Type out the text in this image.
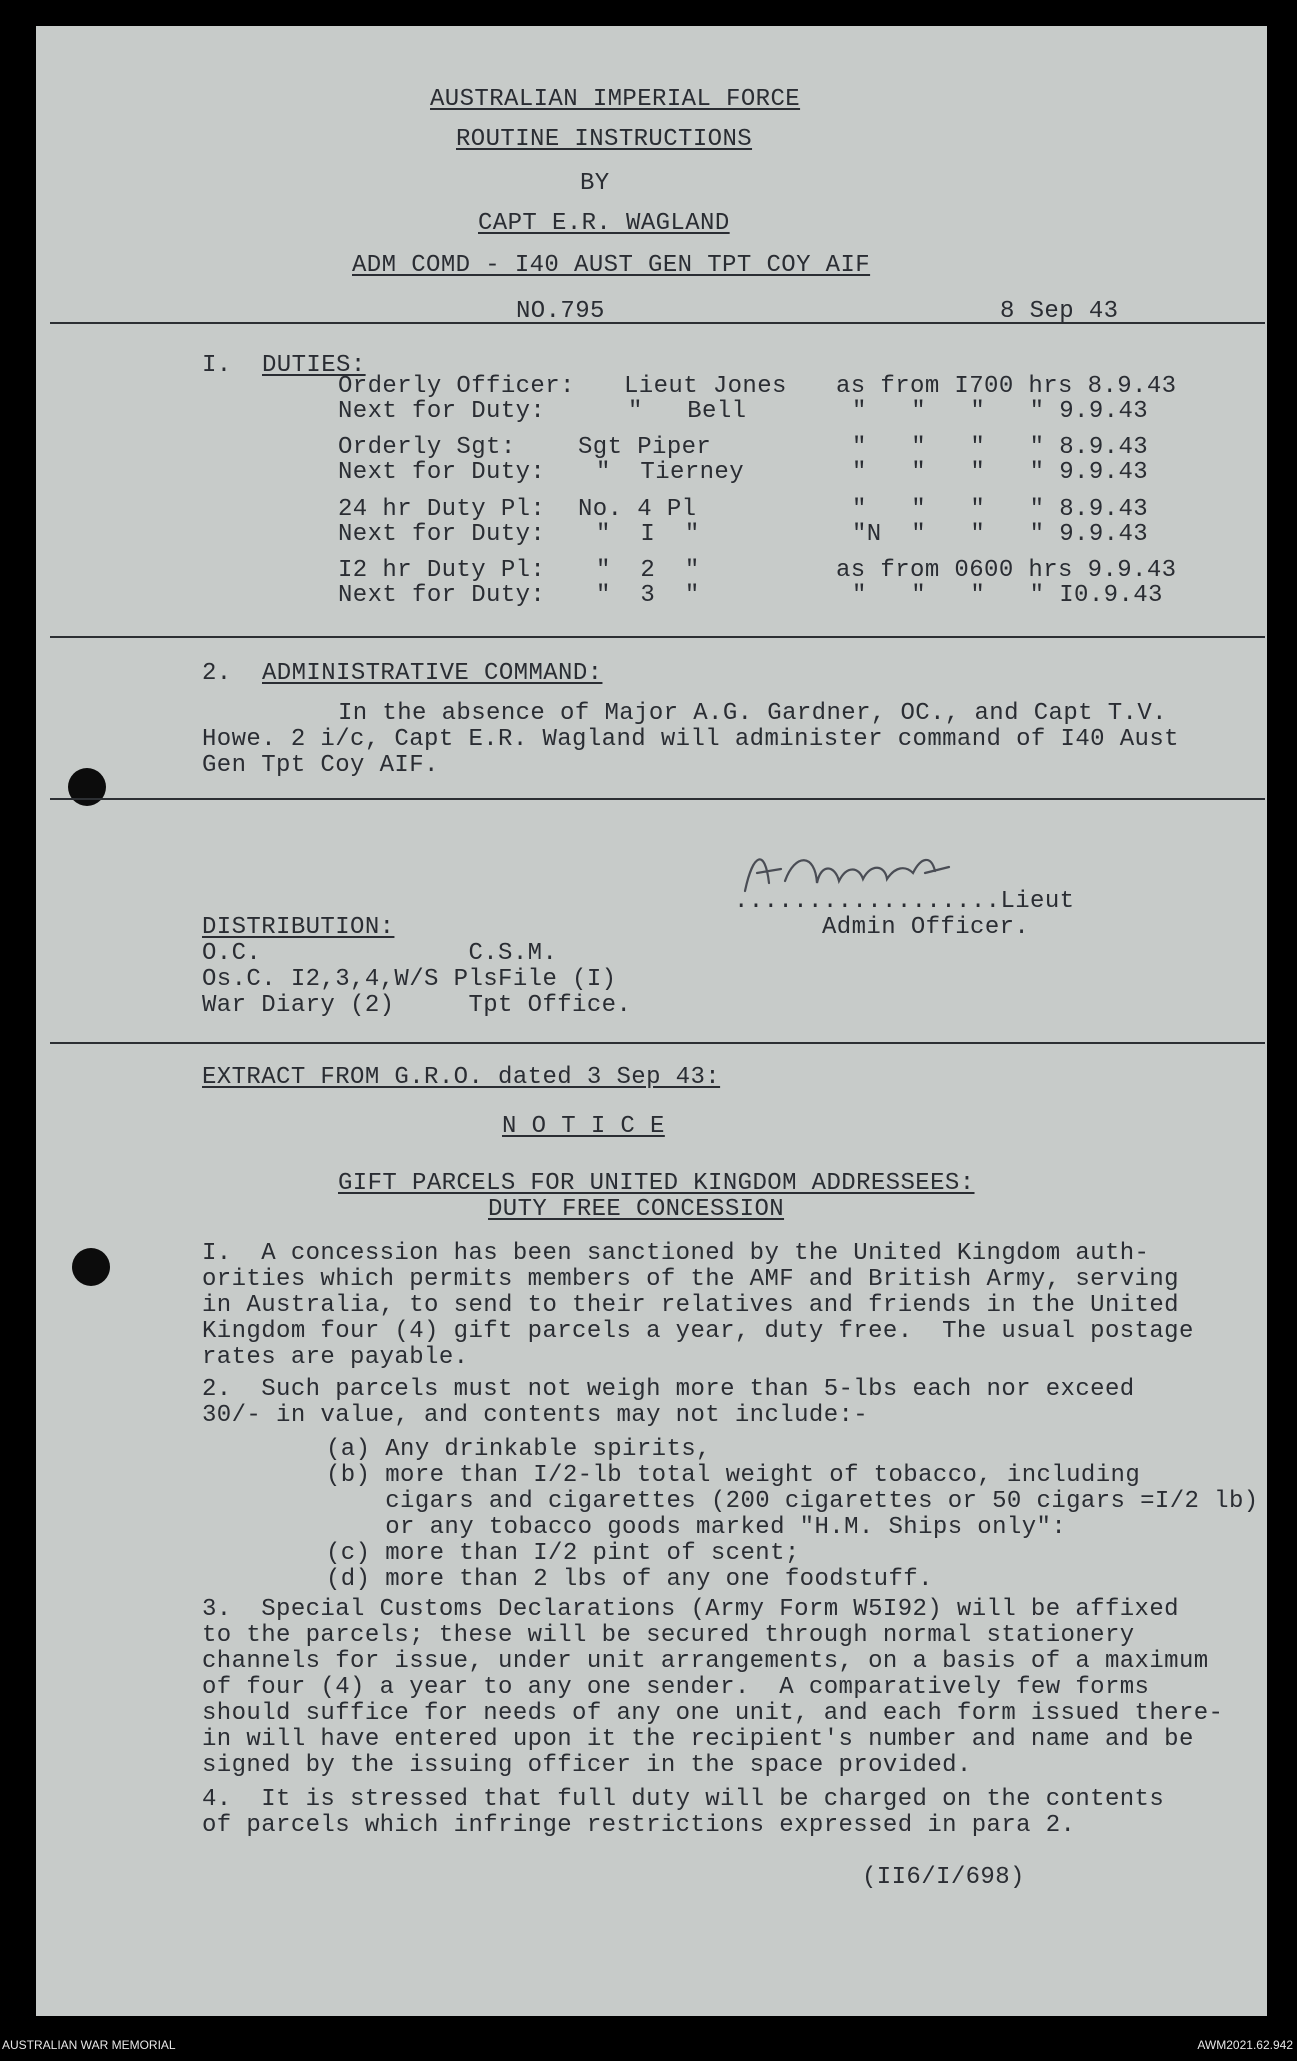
AUSTRALIAN IMPERIAL FORCE
ROUTINE INSTRUCTIONS
BY
CAPT E.R. WAGLAND
ADM COMD - I40 AUST GEN TPT COY AIF
NO.795	8 Sep 43
I. DUTIES:
Orderly Officer: Lieut Jones as from I700 hrs 8.9.43
Next for Duty:	"   Bell	"   "   "   " 9.9.43
Orderly Sgt:	Sgt Piper	"   "   "   " 8.9.43
Next for Duty: "  Tierney	"   "   "   " 9.9.43
24 hr Duty Pl: No. 4 Pl	"   "   "   " 8.9.43
Next for Duty: "  I  "	"N  "   "   " 9.9.43
I2 hr Duty Pl: "  2  "	as from 0600 hrs 9.9.43
Next for Duty: "  3  "	"   "   "   " I0.9.43
2. ADMINISTRATIVE COMMAND:
In the absence of Major A.G. Gardner, OC., and Capt T.V.
Howe. 2 i/c, Capt E.R. Wagland will administer command of I40 Aust
Gen Tpt Coy AIF.
..................Lieut
Admin Officer.
DISTRIBUTION:
O.C.              C.S.M.
Os.C. I2,3,4,W/S PlsFile (I)
War Diary (2)     Tpt Office.
EXTRACT FROM G.R.O. dated 3 Sep 43:
N O T I C E
GIFT PARCELS FOR UNITED KINGDOM ADDRESSEES:
DUTY FREE CONCESSION
I.  A concession has been sanctioned by the United Kingdom auth-
orities which permits members of the AMF and British Army, serving
in Australia, to send to their relatives and friends in the United
Kingdom four (4) gift parcels a year, duty free.  The usual postage
rates are payable.
2.  Such parcels must not weigh more than 5-lbs each nor exceed
30/- in value, and contents may not include:-
(a) Any drinkable spirits,
(b) more than I/2-lb total weight of tobacco, including
cigars and cigarettes (200 cigarettes or 50 cigars =I/2 lb)
or any tobacco goods marked "H.M. Ships only":
(c) more than I/2 pint of scent;
(d) more than 2 lbs of any one foodstuff.
3.  Special Customs Declarations (Army Form W5I92) will be affixed
to the parcels; these will be secured through normal stationery
channels for issue, under unit arrangements, on a basis of a maximum
of four (4) a year to any one sender.  A comparatively few forms
should suffice for needs of any one unit, and each form issued there-
in will have entered upon it the recipient's number and name and be
signed by the issuing officer in the space provided.
4.  It is stressed that full duty will be charged on the contents
of parcels which infringe restrictions expressed in para 2.
(II6/I/698)
AUSTRALIAN WAR MEMORIAL	AWM2021.62.942
